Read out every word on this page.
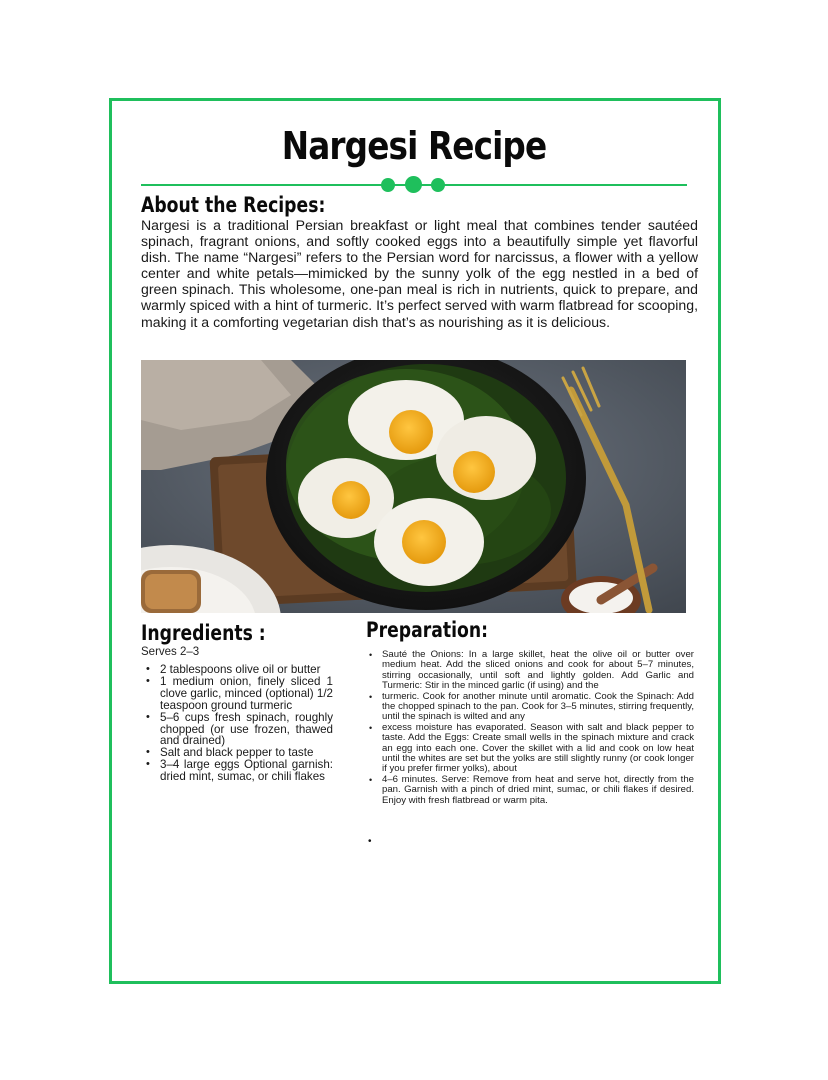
Nargesi Recipe
About the Recipes:

Nargesi is a traditional Persian breakfast or light meal that combines tender sautéed spinach, fragrant onions, and softly cooked eggs into a beautifully simple yet flavorful dish. The name “Nargesi” refers to the Persian word for narcissus, a flower with a yellow center and white petals—mimicked by the sunny yolk of the egg nestled in a bed of green spinach. This wholesome, one-pan meal is rich in nutrients, quick to prepare, and warmly spiced with a hint of turmeric. It’s perfect served with warm flatbread for scooping, making it a comforting vegetarian dish that’s as nourishing as it is delicious.

Ingredients :

Serves 2–3

• 2 tablespoons olive oil or butter
• 1 medium onion, finely sliced 1 clove garlic, minced (optional) 1/2 teaspoon ground turmeric
• 5–6 cups fresh spinach, roughly chopped (or use frozen, thawed and drained)
• Salt and black pepper to taste
• 3–4 large eggs Optional garnish: dried mint, sumac, or chili flakes
Preparation:
• Sauté the Onions: In a large skillet, heat the olive oil or butter over medium heat. Add the sliced onions and cook for about 5–7 minutes, stirring occasionally, until soft and lightly golden. Add Garlic and Turmeric: Stir in the minced garlic (if using) and the
• turmeric. Cook for another minute until aromatic. Cook the Spinach: Add the chopped spinach to the pan. Cook for 3–5 minutes, stirring frequently, until the spinach is wilted and any
• excess moisture has evaporated. Season with salt and black pepper to taste. Add the Eggs: Create small wells in the spinach mixture and crack an egg into each one. Cover the skillet with a lid and cook on low heat until the whites are set but the yolks are still slightly runny (or cook longer if you prefer firmer yolks), about
• 4–6 minutes. Serve: Remove from heat and serve hot, directly from the pan. Garnish with a pinch of dried mint, sumac, or chili flakes if desired. Enjoy with fresh flatbread or warm pita.
•
